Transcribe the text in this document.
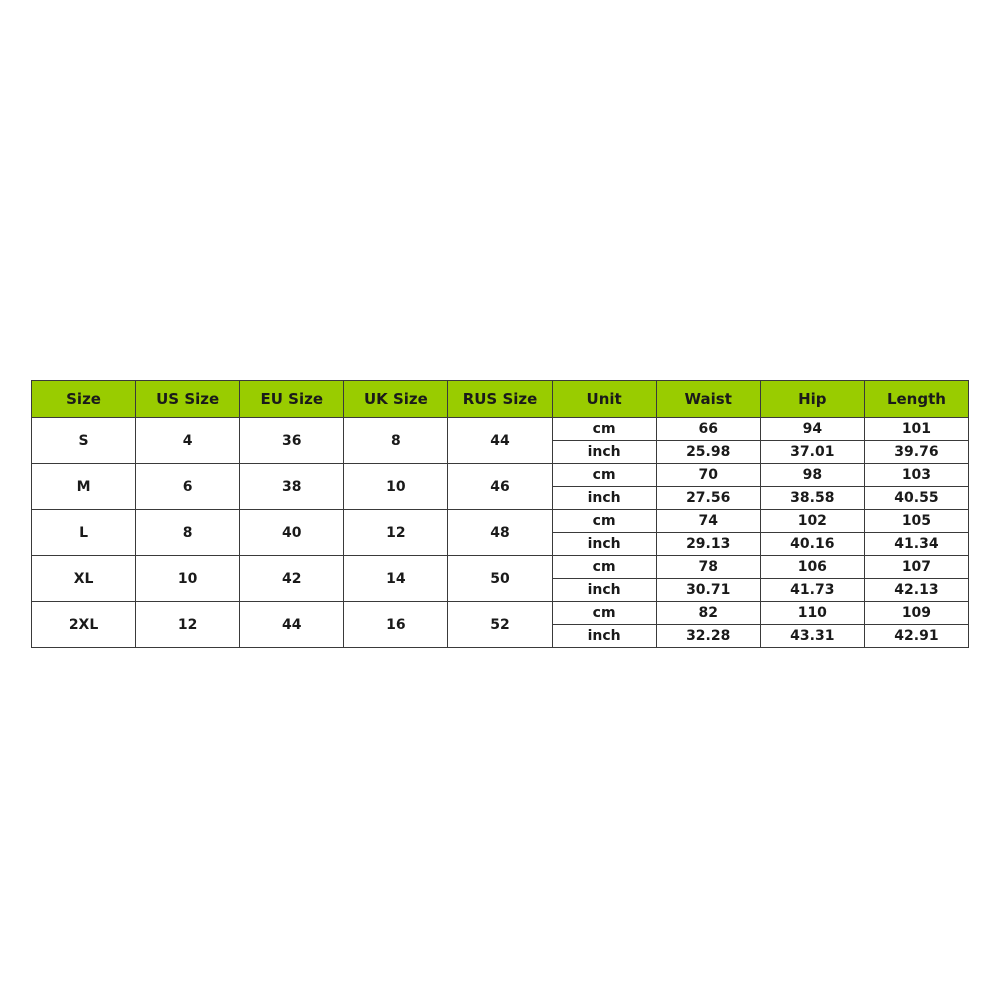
Size	US Size	EU Size	UK Size	RUS Size	Unit	Waist	Hip	Length
S	4	36	8	44	cm	66	94	101
					inch	25.98	37.01	39.76
M	6	38	10	46	cm	70	98	103
					inch	27.56	38.58	40.55
L	8	40	12	48	cm	74	102	105
					inch	29.13	40.16	41.34
XL	10	42	14	50	cm	78	106	107
					inch	30.71	41.73	42.13
2XL	12	44	16	52	cm	82	110	109
					inch	32.28	43.31	42.91
